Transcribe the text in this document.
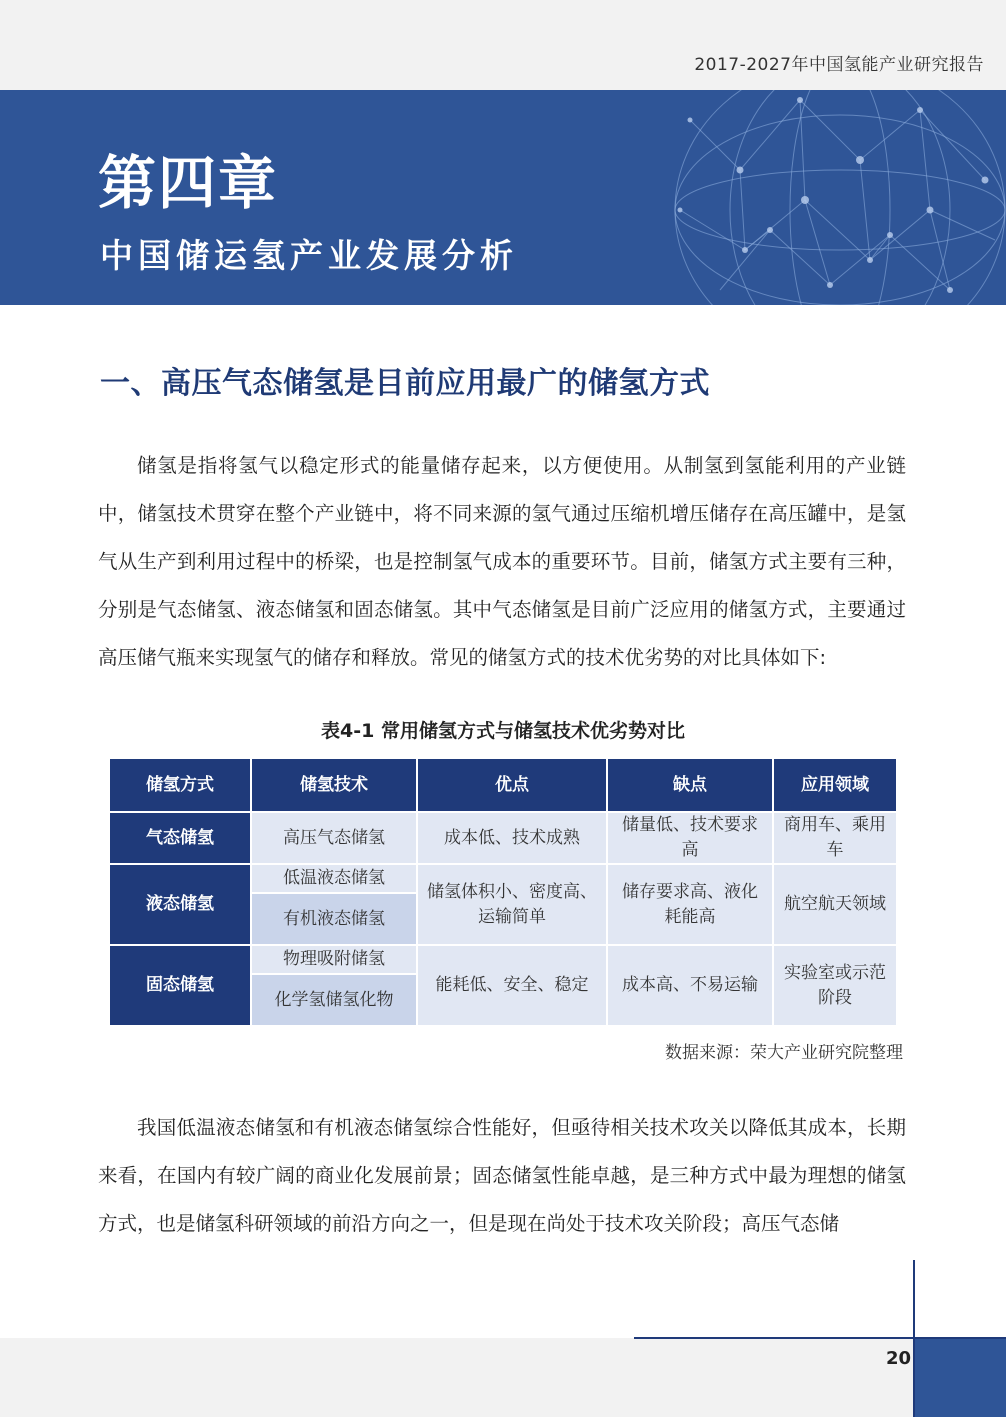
2017-2027年中国氢能产业研究报告
第四章
中国储运氢产业发展分析
一、高压气态储氢是目前应用最广的储氢方式

储氢是指将氢气以稳定形式的能量储存起来，以方便使用。从制氢到氢能利用的产业链中，储氢技术贯穿在整个产业链中，将不同来源的氢气通过压缩机增压储存在高压罐中，是氢气从生产到利用过程中的桥梁，也是控制氢气成本的重要环节。目前，储氢方式主要有三种，分别是气态储氢、液态储氢和固态储氢。其中气态储氢是目前广泛应用的储氢方式，主要通过高压储气瓶来实现氢气的储存和释放。常见的储氢方式的技术优劣势的对比具体如下:

表4-1 常用储氢方式与储氢技术优劣势对比
储氢方式	储氢技术	优点	缺点	应用领域
气态储氢	高压气态储氢	成本低、技术成熟	储量低、技术要求高	商用车、乘用车
液态储氢	低温液态储氢	储氢体积小、密度高、运输简单	储存要求高、液化耗能高	航空航天领域
	有机液态储氢			
固态储氢	物理吸附储氢	能耗低、安全、稳定	成本高、不易运输	实验室或示范阶段
	化学氢储氢化物			
数据来源：荣大产业研究院整理

我国低温液态储氢和有机液态储氢综合性能好，但亟待相关技术攻关以降低其成本，长期来看，在国内有较广阔的商业化发展前景；固态储氢性能卓越，是三种方式中最为理想的储氢方式，也是储氢科研领域的前沿方向之一，但是现在尚处于技术攻关阶段；高压气态储

20
